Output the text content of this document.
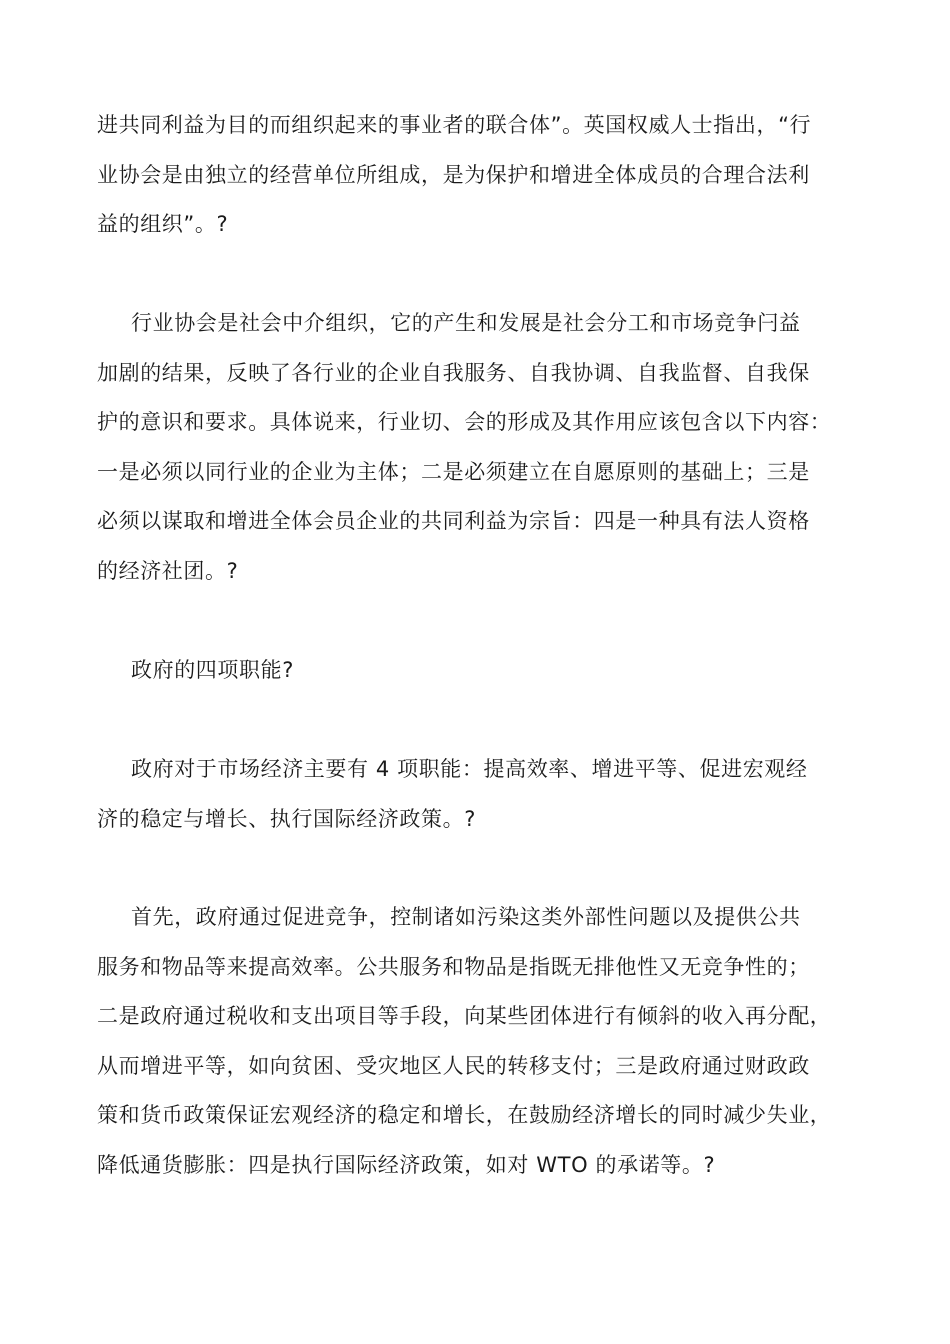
进共同利益为目的而组织起来的事业者的联合体”。英国权威人士指出，“行
业协会是由独立的经营单位所组成，是为保护和增进全体成员的合理合法利
益的组织”。?

行业协会是社会中介组织，它的产生和发展是社会分工和市场竞争闩益
加剧的结果，反映了各行业的企业自我服务、自我协调、自我监督、自我保
护的意识和要求。具体说来，行业切、会的形成及其作用应该包含以下内容：
一是必须以同行业的企业为主体；二是必须建立在自愿原则的基础上；三是
必须以谋取和增进全体会员企业的共同利益为宗旨：四是一种具有法人资格
的经济社团。?

政府的四项职能?

政府对于市场经济主要有 4 项职能：提高效率、增进平等、促进宏观经
济的稳定与增长、执行国际经济政策。?

首先，政府通过促进竞争，控制诸如污染这类外部性问题以及提供公共
服务和物品等来提高效率。公共服务和物品是指既无排他性又无竞争性的；
二是政府通过税收和支出项目等手段，向某些团体进行有倾斜的收入再分配，
从而增进平等，如向贫困、受灾地区人民的转移支付；三是政府通过财政政
策和货币政策保证宏观经济的稳定和增长，在鼓励经济增长的同时减少失业，
降低通货膨胀：四是执行国际经济政策，如对 WTO 的承诺等。?
